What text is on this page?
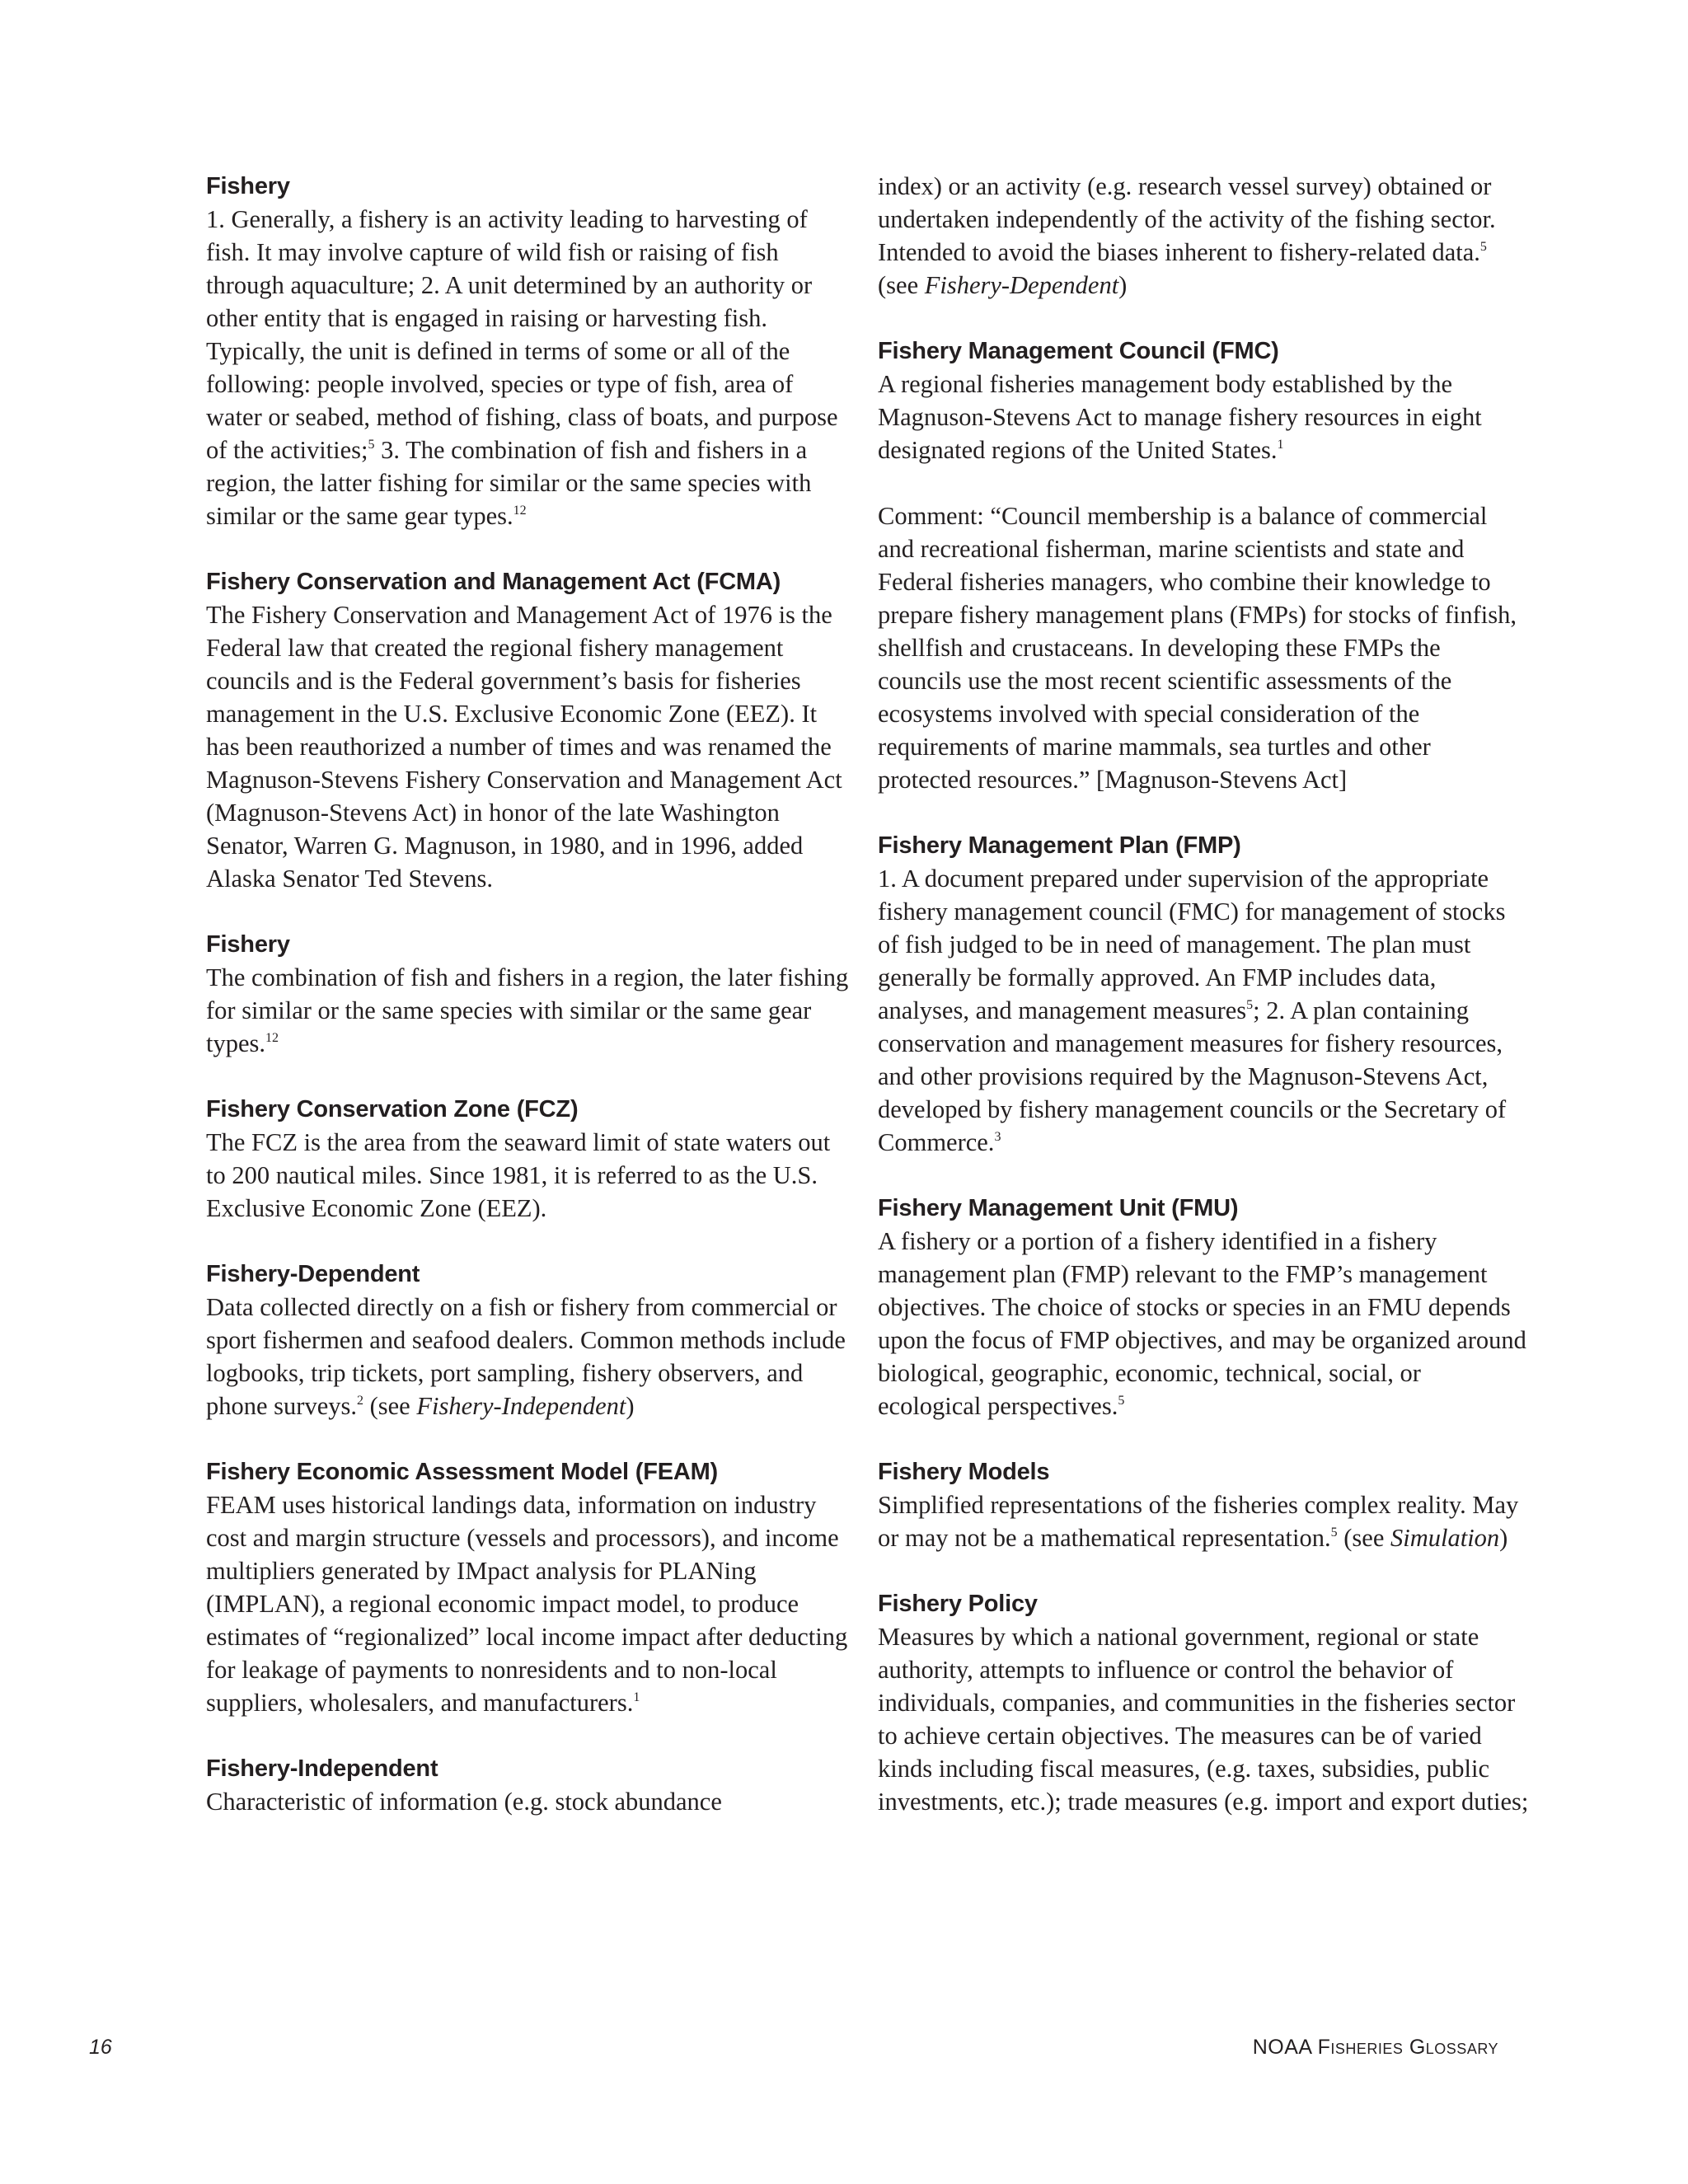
Fishery

1. Generally, a fishery is an activity leading to harvesting of fish. It may involve capture of wild fish or raising of fish through aquaculture; 2. A unit determined by an authority or other entity that is engaged in raising or harvesting fish. Typically, the unit is defined in terms of some or all of the following: people involved, species or type of fish, area of water or seabed, method of fishing, class of boats, and purpose of the activities;$^5$ 3. The combination of fish and fishers in a region, the latter fishing for similar or the same species with similar or the same gear types.$^{12}$

Fishery Conservation and Management Act (FCMA)

The Fishery Conservation and Management Act of 1976 is the Federal law that created the regional fishery management councils and is the Federal government’s basis for fisheries management in the U.S. Exclusive Economic Zone (EEZ). It has been reauthorized a number of times and was renamed the Magnuson-Stevens Fishery Conservation and Management Act (Magnuson-Stevens Act) in honor of the late Washington Senator, Warren G. Magnuson, in 1980, and in 1996, added Alaska Senator Ted Stevens.

Fishery

The combination of fish and fishers in a region, the later fishing for similar or the same species with similar or the same gear types.$^{12}$

Fishery Conservation Zone (FCZ)

The FCZ is the area from the seaward limit of state waters out to 200 nautical miles. Since 1981, it is referred to as the U.S. Exclusive Economic Zone (EEZ).

Fishery-Dependent

Data collected directly on a fish or fishery from commercial or sport fishermen and seafood dealers. Common methods include logbooks, trip tickets, port sampling, fishery observers, and phone surveys.$^2$ (see Fishery-Independent)

Fishery Economic Assessment Model (FEAM)

FEAM uses historical landings data, information on industry cost and margin structure (vessels and processors), and income multipliers generated by IMpact analysis for PLANing (IMPLAN), a regional economic impact model, to produce estimates of “regionalized” local income impact after deducting for leakage of payments to nonresidents and to non-local suppliers, wholesalers, and manufacturers.$^1$

Fishery-Independent

Characteristic of information (e.g. stock abundance

index) or an activity (e.g. research vessel survey) obtained or undertaken independently of the activity of the fishing sector. Intended to avoid the biases inherent to fishery-related data.$^5$ (see Fishery-Dependent)

Fishery Management Council (FMC)

A regional fisheries management body established by the Magnuson-Stevens Act to manage fishery resources in eight designated regions of the United States.$^1$

Comment: “Council membership is a balance of commercial and recreational fisherman, marine scientists and state and Federal fisheries managers, who combine their knowledge to prepare fishery management plans (FMPs) for stocks of finfish, shellfish and crustaceans. In developing these FMPs the councils use the most recent scientific assessments of the ecosystems involved with special consideration of the requirements of marine mammals, sea turtles and other protected resources.” [Magnuson-Stevens Act]

Fishery Management Plan (FMP)

1. A document prepared under supervision of the appropriate fishery management council (FMC) for management of stocks of fish judged to be in need of management. The plan must generally be formally approved. An FMP includes data, analyses, and management measures$^5$; 2. A plan containing conservation and management measures for fishery resources, and other provisions required by the Magnuson-Stevens Act, developed by fishery management councils or the Secretary of Commerce.$^3$

Fishery Management Unit (FMU)

A fishery or a portion of a fishery identified in a fishery management plan (FMP) relevant to the FMP’s management objectives. The choice of stocks or species in an FMU depends upon the focus of FMP objectives, and may be organized around biological, geographic, economic, technical, social, or ecological perspectives.$^5$

Fishery Models

Simplified representations of the fisheries complex reality. May or may not be a mathematical representation.$^5$ (see Simulation)

Fishery Policy

Measures by which a national government, regional or state authority, attempts to influence or control the behavior of individuals, companies, and communities in the fisheries sector to achieve certain objectives. The measures can be of varied kinds including fiscal measures, (e.g. taxes, subsidies, public investments, etc.); trade measures (e.g. import and export duties;

16	NOAA Fisheries Glossary
